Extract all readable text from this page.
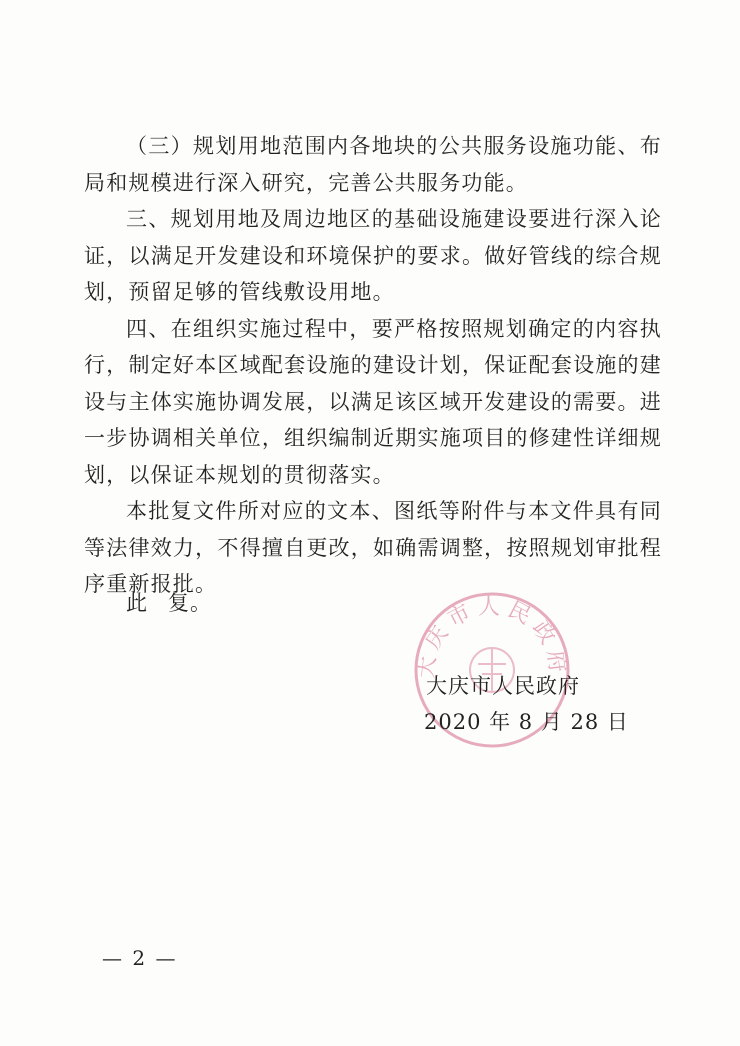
（三）规划用地范围内各地块的公共服务设施功能、布局和规模进行深入研究，完善公共服务功能。

三、规划用地及周边地区的基础设施建设要进行深入论证，以满足开发建设和环境保护的要求。做好管线的综合规划，预留足够的管线敷设用地。

四、在组织实施过程中，要严格按照规划确定的内容执行，制定好本区域配套设施的建设计划，保证配套设施的建设与主体实施协调发展，以满足该区域开发建设的需要。进一步协调相关单位，组织编制近期实施项目的修建性详细规划，以保证本规划的贯彻落实。

本批复文件所对应的文本、图纸等附件与本文件具有同等法律效力，不得擅自更改，如确需调整，按照规划审批程序重新报批。

此 复。
大庆市人民政府
大庆市人民政府
2020 年 8 月 28 日
— 2 —
